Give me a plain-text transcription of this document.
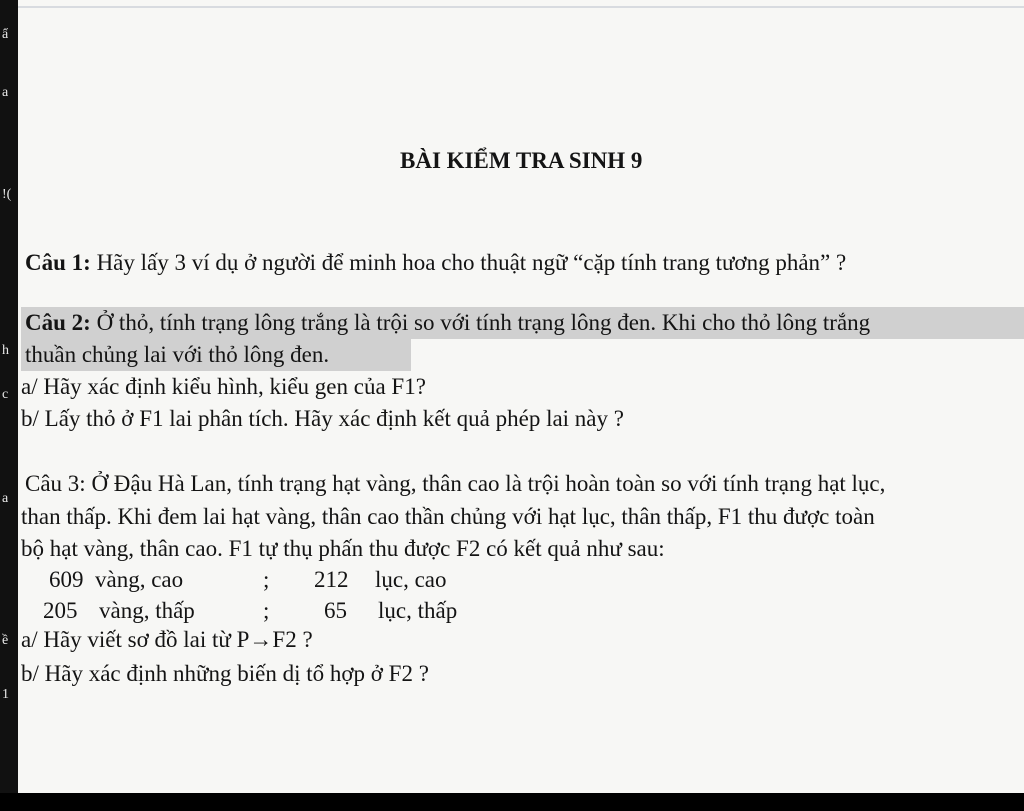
ẩ
a
!(
h
c
a
ề
1
BÀI KIỂM TRA SINH 9
Câu 1: Hãy lấy 3 ví dụ ở người để minh hoa cho thuật ngữ “cặp tính trang tương phản” ?
Câu 2: Ở thỏ, tính trạng lông trắng là trội so với tính trạng lông đen. Khi cho thỏ lông trắng
thuần chủng lai với thỏ lông đen.
a/ Hãy xác định kiểu hình, kiểu gen của F1?
b/ Lấy thỏ ở F1 lai phân tích. Hãy xác định kết quả phép lai này ?
Câu 3: Ở Đậu Hà Lan, tính trạng hạt vàng, thân cao là trội hoàn toàn so với tính trạng hạt lục,
than thấp. Khi đem lai hạt vàng, thân cao thần chủng với hạt lục, thân thấp, F1 thu được toàn
bộ hạt vàng, thân cao. F1 tự thụ phấn thu được F2 có kết quả như sau:
609 vàng, cao	; 212 lục, cao
205 vàng, thấp	; 65 lục, thấp
a/ Hãy viết sơ đồ lai từ P→F2 ?
b/ Hãy xác định những biến dị tổ hợp ở F2 ?
